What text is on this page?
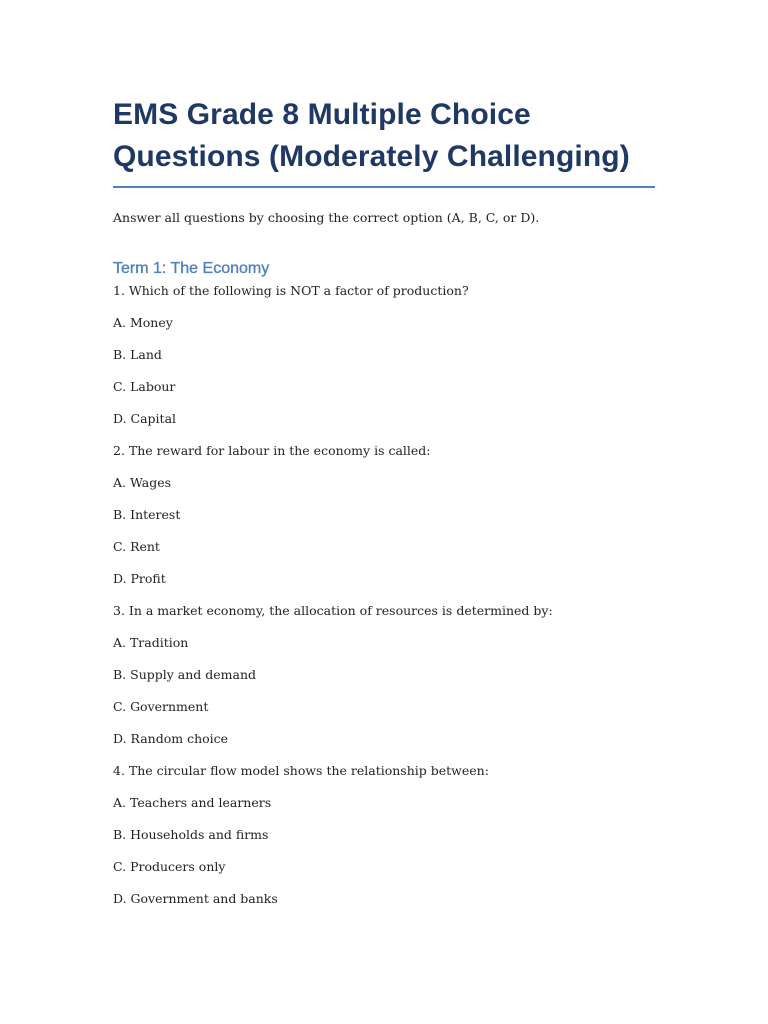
EMS Grade 8 Multiple Choice Questions (Moderately Challenging)

Answer all questions by choosing the correct option (A, B, C, or D).

Term 1: The Economy
1. Which of the following is NOT a factor of production?
A. Money
B. Land
C. Labour
D. Capital
2. The reward for labour in the economy is called:
A. Wages
B. Interest
C. Rent
D. Profit
3. In a market economy, the allocation of resources is determined by:
A. Tradition
B. Supply and demand
C. Government
D. Random choice
4. The circular flow model shows the relationship between:
A. Teachers and learners
B. Households and firms
C. Producers only
D. Government and banks
